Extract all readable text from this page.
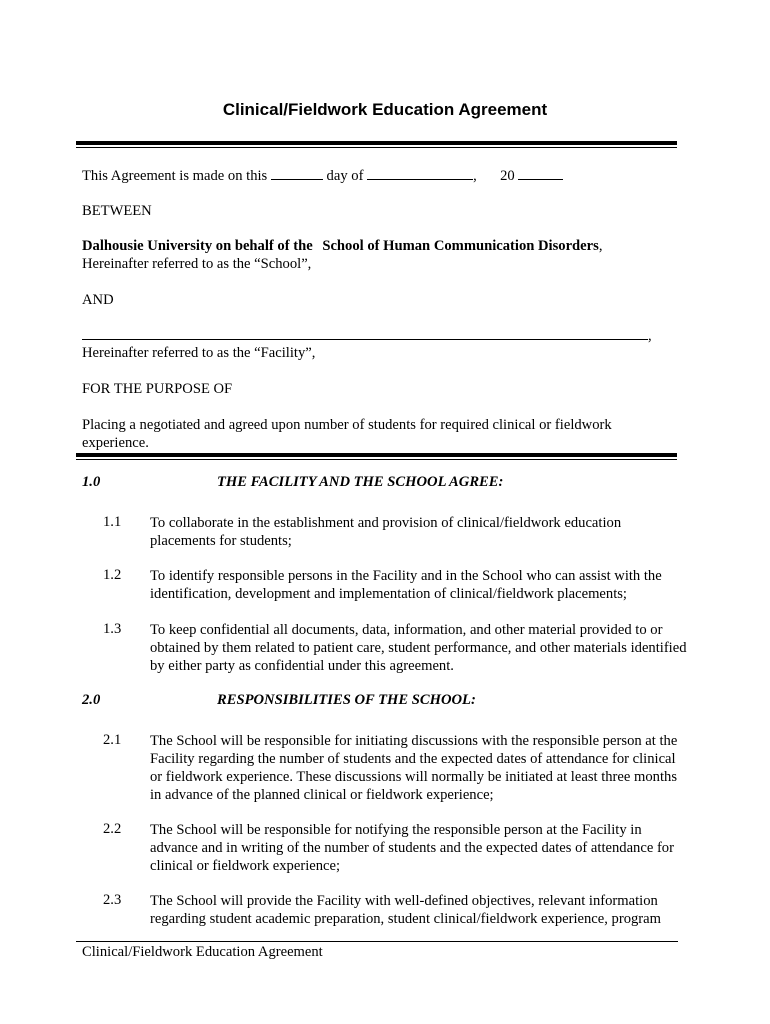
Clinical/Fieldwork Education Agreement
This Agreement is made on this	day of	, 20
BETWEEN
Dalhousie University on behalf of the School of Human Communication Disorders,
Hereinafter referred to as the “School”,
AND
,
Hereinafter referred to as the “Facility”,
FOR THE PURPOSE OF
Placing a negotiated and agreed upon number of students for required clinical or fieldwork
experience.
1.0	THE FACILITY AND THE SCHOOL AGREE:
1.1 To collaborate in the establishment and provision of clinical/fieldwork education placements for students;
1.2 To identify responsible persons in the Facility and in the School who can assist with the identification, development and implementation of clinical/fieldwork placements;
1.3 To keep confidential all documents, data, information, and other material provided to or obtained by them related to patient care, student performance, and other materials identified by either party as confidential under this agreement.
2.0	RESPONSIBILITIES OF THE SCHOOL:
2.1 The School will be responsible for initiating discussions with the responsible person at the Facility regarding the number of students and the expected dates of attendance for clinical or fieldwork experience. These discussions will normally be initiated at least three months in advance of the planned clinical or fieldwork experience;
2.2 The School will be responsible for notifying the responsible person at the Facility in advance and in writing of the number of students and the expected dates of attendance for clinical or fieldwork experience;
2.3 The School will provide the Facility with well-defined objectives, relevant information regarding student academic preparation, student clinical/fieldwork experience, program
Clinical/Fieldwork Education Agreement
